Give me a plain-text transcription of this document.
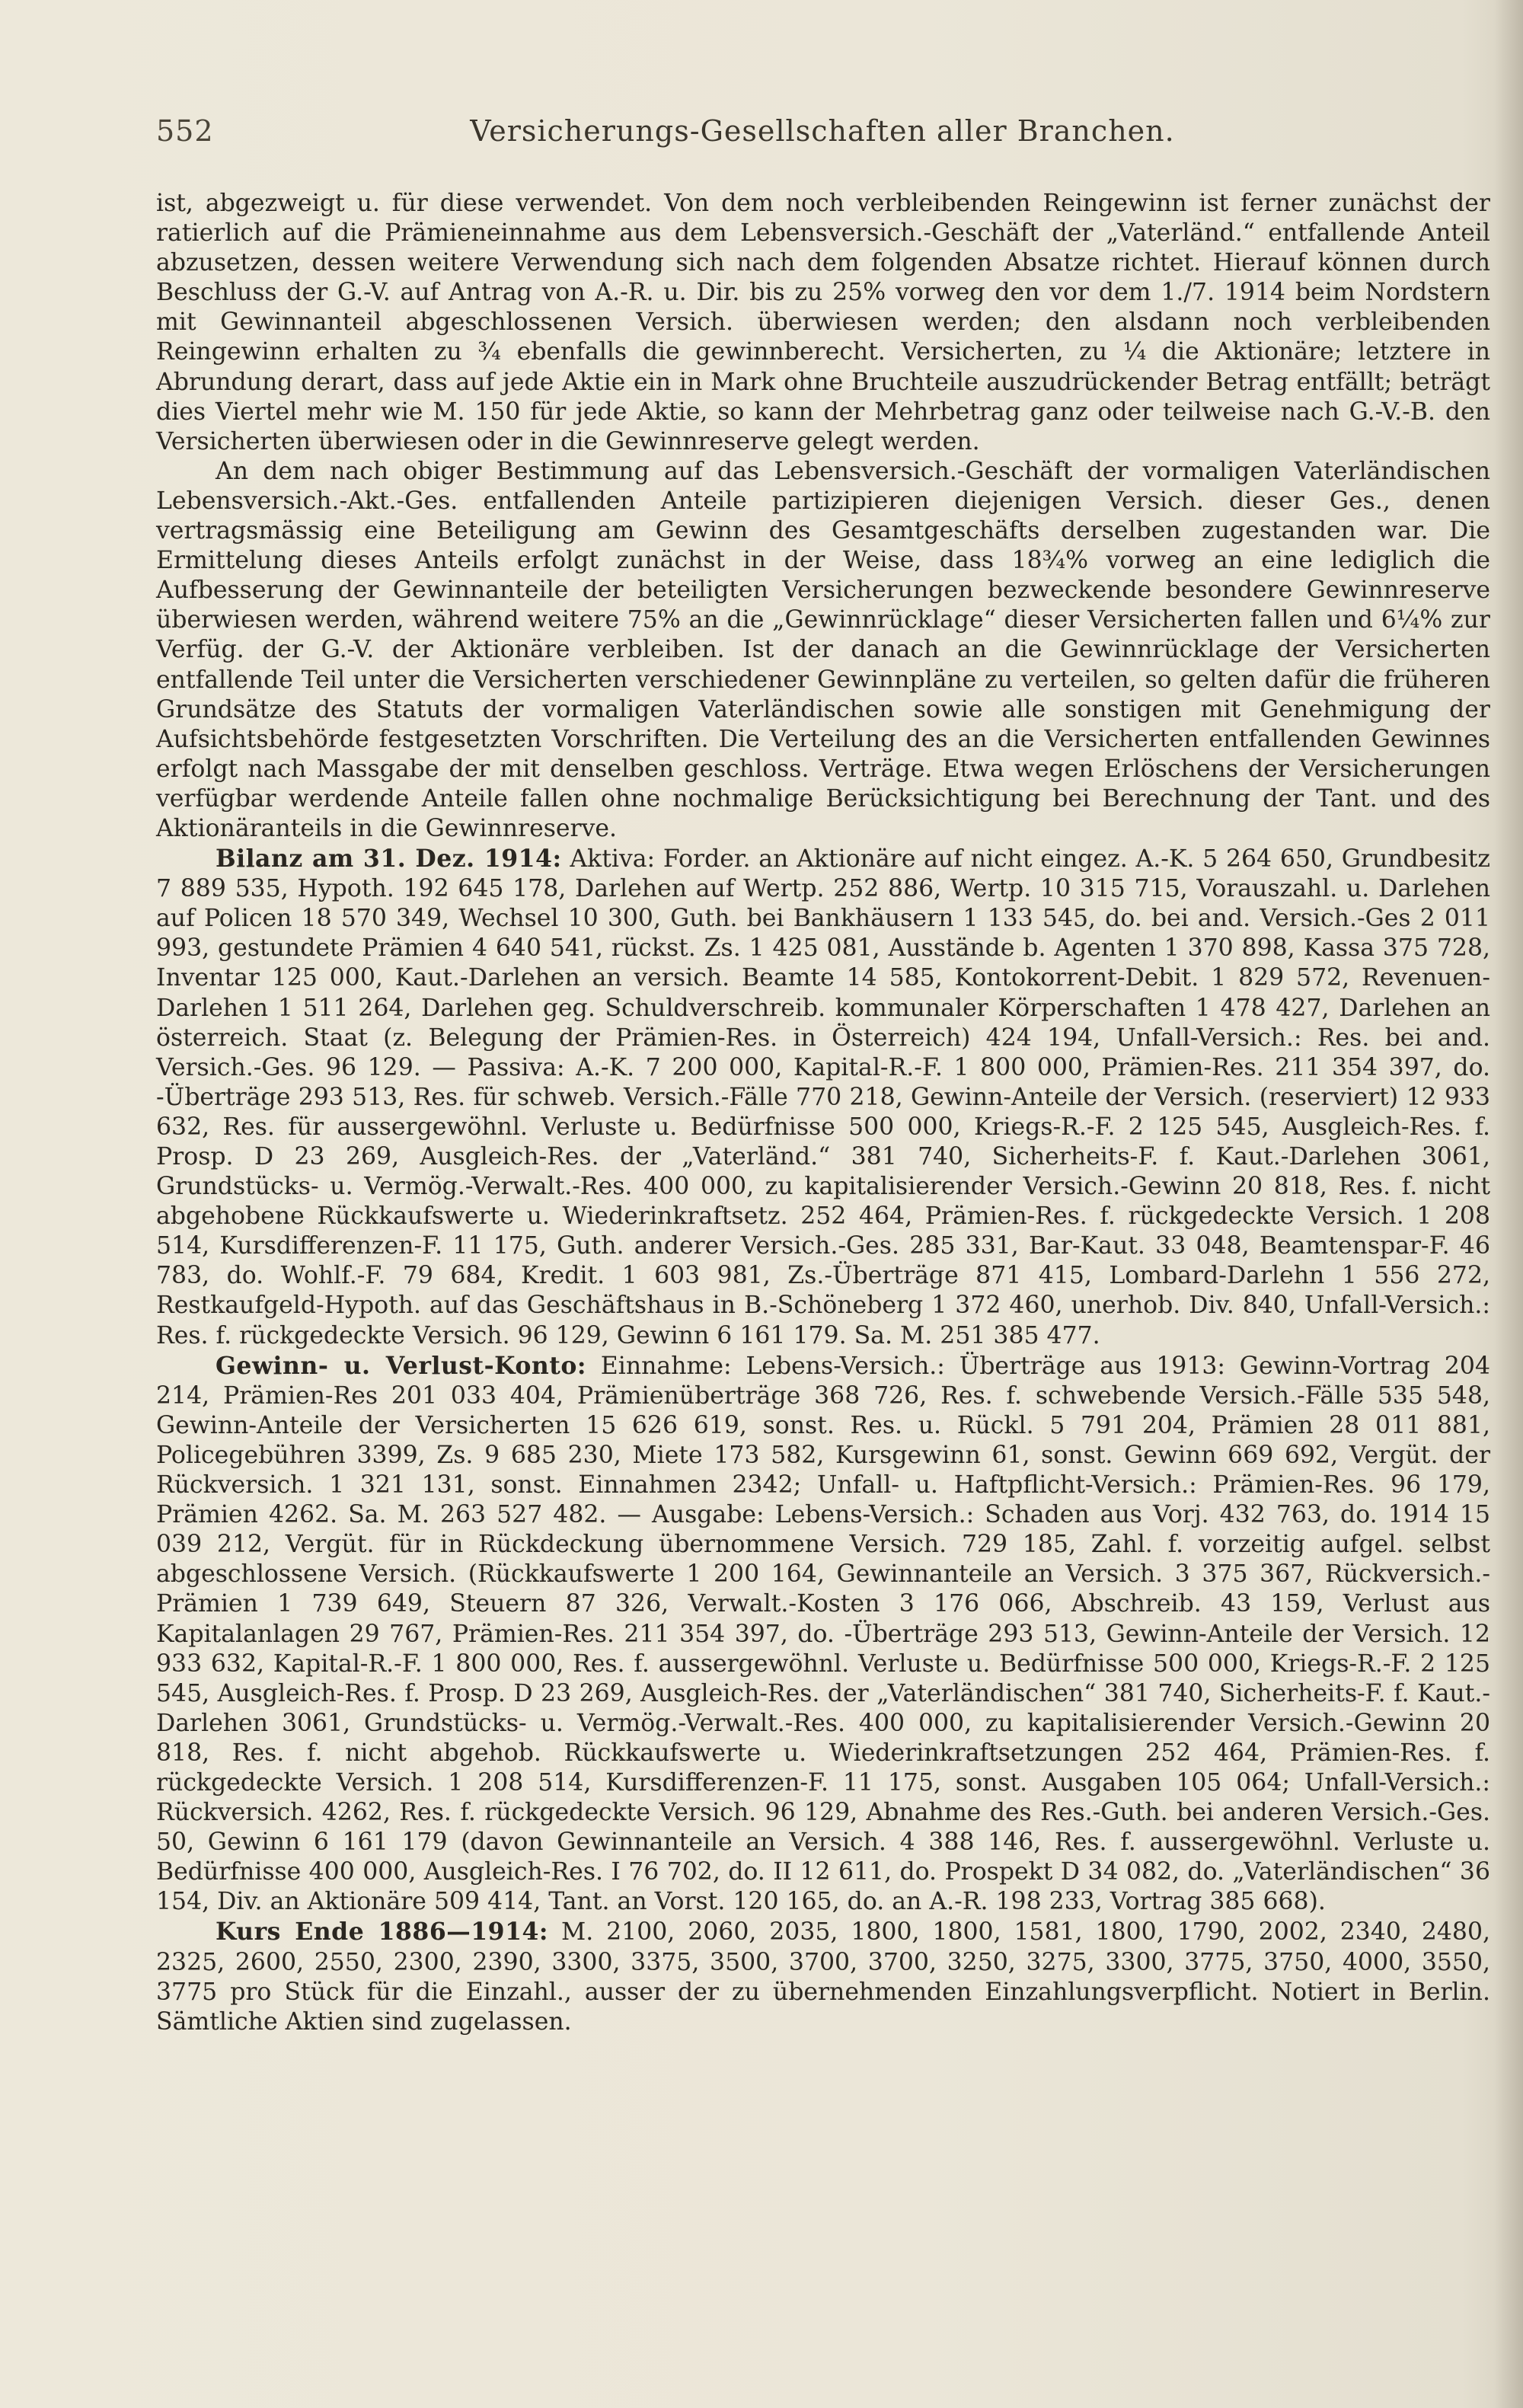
552	Versicherungs-Gesellschaften aller Branchen.

ist, abgezweigt u. für diese verwendet. Von dem noch verbleibenden Reingewinn ist ferner zunächst der ratierlich auf die Prämieneinnahme aus dem Lebensversich.-Geschäft der „Vaterländ.“ entfallende Anteil abzusetzen, dessen weitere Verwendung sich nach dem folgenden Absatze richtet. Hierauf können durch Beschluss der G.-V. auf Antrag von A.-R. u. Dir. bis zu 25% vorweg den vor dem 1./7. 1914 beim Nordstern mit Gewinnanteil abgeschlossenen Versich. überwiesen werden; den alsdann noch verbleibenden Reingewinn erhalten zu ¾ ebenfalls die gewinnberecht. Versicherten, zu ¼ die Aktionäre; letztere in Abrundung derart, dass auf jede Aktie ein in Mark ohne Bruchteile auszudrückender Betrag entfällt; beträgt dies Viertel mehr wie M. 150 für jede Aktie, so kann der Mehrbetrag ganz oder teilweise nach G.-V.-B. den Versicherten überwiesen oder in die Gewinnreserve gelegt werden.

An dem nach obiger Bestimmung auf das Lebensversich.-Geschäft der vormaligen Vaterländischen Lebensversich.-Akt.-Ges. entfallenden Anteile partizipieren diejenigen Versich. dieser Ges., denen vertragsmässig eine Beteiligung am Gewinn des Gesamtgeschäfts derselben zugestanden war. Die Ermittelung dieses Anteils erfolgt zunächst in der Weise, dass 18¾% vorweg an eine lediglich die Aufbesserung der Gewinnanteile der beteiligten Versicherungen bezweckende besondere Gewinnreserve überwiesen werden, während weitere 75% an die „Gewinnrücklage“ dieser Versicherten fallen und 6¼% zur Verfüg. der G.-V. der Aktionäre verbleiben. Ist der danach an die Gewinnrücklage der Versicherten entfallende Teil unter die Versicherten verschiedener Gewinnpläne zu verteilen, so gelten dafür die früheren Grundsätze des Statuts der vormaligen Vaterländischen sowie alle sonstigen mit Genehmigung der Aufsichtsbehörde festgesetzten Vorschriften. Die Verteilung des an die Versicherten entfallenden Gewinnes erfolgt nach Massgabe der mit denselben geschloss. Verträge. Etwa wegen Erlöschens der Versicherungen verfügbar werdende Anteile fallen ohne nochmalige Berücksichtigung bei Berechnung der Tant. und des Aktionäranteils in die Gewinnreserve.

Bilanz am 31. Dez. 1914: Aktiva: Forder. an Aktionäre auf nicht eingez. A.-K. 5 264 650, Grundbesitz 7 889 535, Hypoth. 192 645 178, Darlehen auf Wertp. 252 886, Wertp. 10 315 715, Vorauszahl. u. Darlehen auf Policen 18 570 349, Wechsel 10 300, Guth. bei Bankhäusern 1 133 545, do. bei and. Versich.-Ges 2 011 993, gestundete Prämien 4 640 541, rückst. Zs. 1 425 081, Ausstände b. Agenten 1 370 898, Kassa 375 728, Inventar 125 000, Kaut.-Darlehen an versich. Beamte 14 585, Kontokorrent-Debit. 1 829 572, Revenuen-Darlehen 1 511 264, Darlehen geg. Schuldverschreib. kommunaler Körperschaften 1 478 427, Darlehen an österreich. Staat (z. Belegung der Prämien-Res. in Österreich) 424 194, Unfall-Versich.: Res. bei and. Versich.-Ges. 96 129. — Passiva: A.-K. 7 200 000, Kapital-R.-F. 1 800 000, Prämien-Res. 211 354 397, do. -Überträge 293 513, Res. für schweb. Versich.-Fälle 770 218, Gewinn-Anteile der Versich. (reserviert) 12 933 632, Res. für aussergewöhnl. Verluste u. Bedürfnisse 500 000, Kriegs-R.-F. 2 125 545, Ausgleich-Res. f. Prosp. D 23 269, Ausgleich-Res. der „Vaterländ.“ 381 740, Sicherheits-F. f. Kaut.-Darlehen 3061, Grundstücks- u. Vermög.-Verwalt.-Res. 400 000, zu kapitalisierender Versich.-Gewinn 20 818, Res. f. nicht abgehobene Rückkaufswerte u. Wiederinkraftsetz. 252 464, Prämien-Res. f. rückgedeckte Versich. 1 208 514, Kursdifferenzen-F. 11 175, Guth. anderer Versich.-Ges. 285 331, Bar-Kaut. 33 048, Beamtenspar-F. 46 783, do. Wohlf.-F. 79 684, Kredit. 1 603 981, Zs.-Überträge 871 415, Lombard-Darlehn 1 556 272, Restkaufgeld-Hypoth. auf das Geschäftshaus in B.-Schöneberg 1 372 460, unerhob. Div. 840, Unfall-Versich.: Res. f. rückgedeckte Versich. 96 129, Gewinn 6 161 179. Sa. M. 251 385 477.

Gewinn- u. Verlust-Konto: Einnahme: Lebens-Versich.: Überträge aus 1913: Gewinn-Vortrag 204 214, Prämien-Res 201 033 404, Prämienüberträge 368 726, Res. f. schwebende Versich.-Fälle 535 548, Gewinn-Anteile der Versicherten 15 626 619, sonst. Res. u. Rückl. 5 791 204, Prämien 28 011 881, Policegebühren 3399, Zs. 9 685 230, Miete 173 582, Kursgewinn 61, sonst. Gewinn 669 692, Vergüt. der Rückversich. 1 321 131, sonst. Einnahmen 2342; Unfall- u. Haftpflicht-Versich.: Prämien-Res. 96 179, Prämien 4262. Sa. M. 263 527 482. — Ausgabe: Lebens-Versich.: Schaden aus Vorj. 432 763, do. 1914 15 039 212, Vergüt. für in Rückdeckung übernommene Versich. 729 185, Zahl. f. vorzeitig aufgel. selbst abgeschlossene Versich. (Rückkaufswerte 1 200 164, Gewinnanteile an Versich. 3 375 367, Rückversich.-Prämien 1 739 649, Steuern 87 326, Verwalt.-Kosten 3 176 066, Abschreib. 43 159, Verlust aus Kapitalanlagen 29 767, Prämien-Res. 211 354 397, do. -Überträge 293 513, Gewinn-Anteile der Versich. 12 933 632, Kapital-R.-F. 1 800 000, Res. f. aussergewöhnl. Verluste u. Bedürfnisse 500 000, Kriegs-R.-F. 2 125 545, Ausgleich-Res. f. Prosp. D 23 269, Ausgleich-Res. der „Vaterländischen“ 381 740, Sicherheits-F. f. Kaut.-Darlehen 3061, Grundstücks- u. Vermög.-Verwalt.-Res. 400 000, zu kapitalisierender Versich.-Gewinn 20 818, Res. f. nicht abgehob. Rückkaufswerte u. Wiederinkraftsetzungen 252 464, Prämien-Res. f. rückgedeckte Versich. 1 208 514, Kursdifferenzen-F. 11 175, sonst. Ausgaben 105 064; Unfall-Versich.: Rückversich. 4262, Res. f. rückgedeckte Versich. 96 129, Abnahme des Res.-Guth. bei anderen Versich.-Ges. 50, Gewinn 6 161 179 (davon Gewinnanteile an Versich. 4 388 146, Res. f. aussergewöhnl. Verluste u. Bedürfnisse 400 000, Ausgleich-Res. I 76 702, do. II 12 611, do. Prospekt D 34 082, do. „Vaterländischen“ 36 154, Div. an Aktionäre 509 414, Tant. an Vorst. 120 165, do. an A.-R. 198 233, Vortrag 385 668).

Kurs Ende 1886—1914: M. 2100, 2060, 2035, 1800, 1800, 1581, 1800, 1790, 2002, 2340, 2480, 2325, 2600, 2550, 2300, 2390, 3300, 3375, 3500, 3700, 3700, 3250, 3275, 3300, 3775, 3750, 4000, 3550, 3775 pro Stück für die Einzahl., ausser der zu übernehmenden Einzahlungsverpflicht. Notiert in Berlin. Sämtliche Aktien sind zugelassen.
